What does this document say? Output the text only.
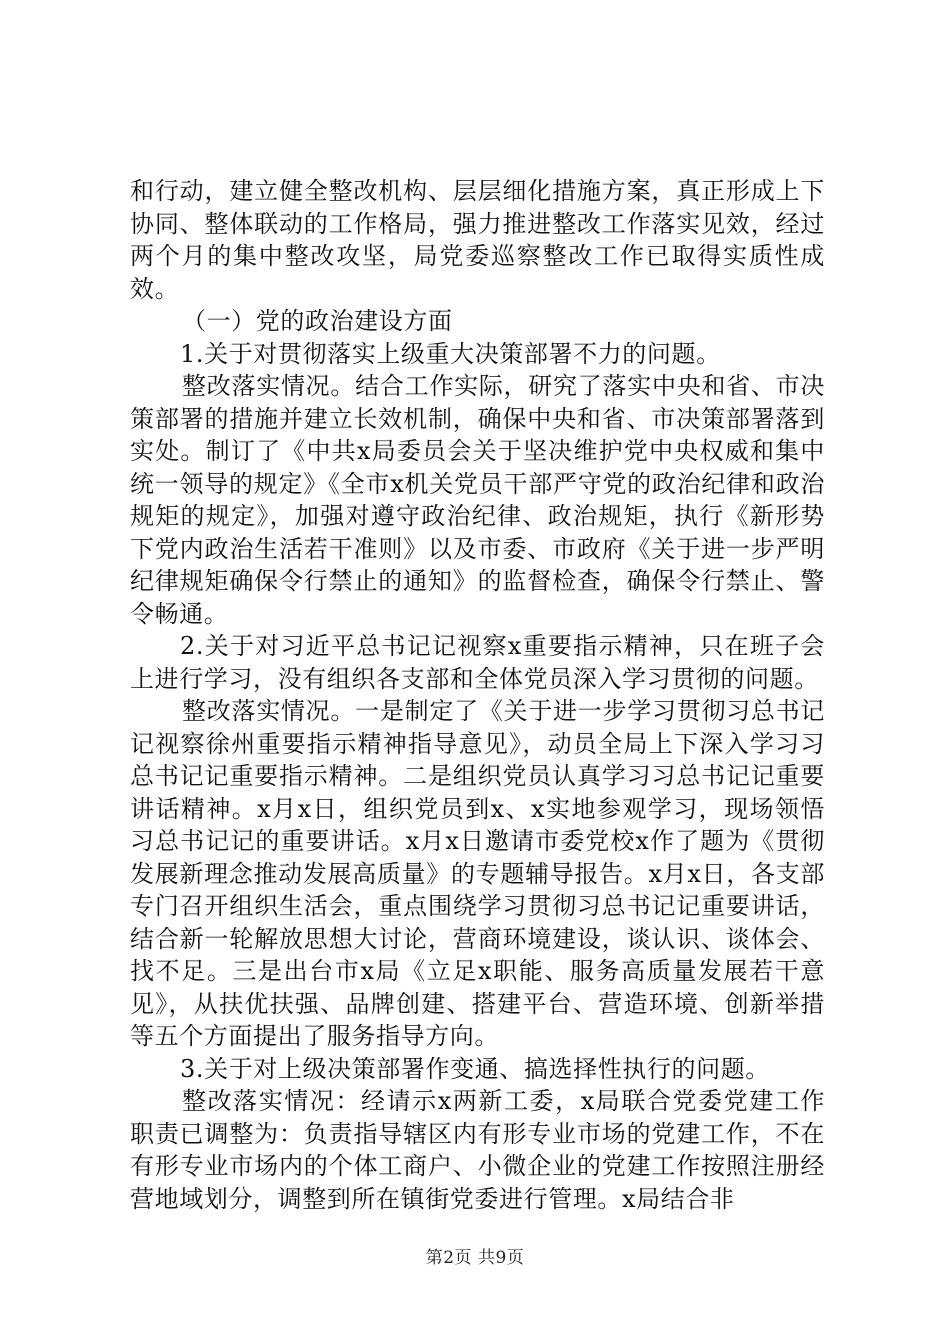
和行动，建立健全整改机构、层层细化措施方案，真正形成上下协同、整体联动的工作格局，强力推进整改工作落实见效，经过两个月的集中整改攻坚，局党委巡察整改工作已取得实质性成效。

（一）党的政治建设方面

1.关于对贯彻落实上级重大决策部署不力的问题。

整改落实情况。结合工作实际，研究了落实中央和省、市决策部署的措施并建立长效机制，确保中央和省、市决策部署落到实处。制订了《中共x局委员会关于坚决维护党中央权威和集中统一领导的规定》《全市x机关党员干部严守党的政治纪律和政治规矩的规定》，加强对遵守政治纪律、政治规矩，执行《新形势下党内政治生活若干准则》以及市委、市政府《关于进一步严明纪律规矩确保令行禁止的通知》的监督检查，确保令行禁止、警令畅通。

2.关于对习近平总书记记视察x重要指示精神，只在班子会上进行学习，没有组织各支部和全体党员深入学习贯彻的问题。

整改落实情况。一是制定了《关于进一步学习贯彻习总书记记视察徐州重要指示精神指导意见》，动员全局上下深入学习习总书记记重要指示精神。二是组织党员认真学习习总书记记重要讲话精神。x月x日，组织党员到x、x实地参观学习，现场领悟习总书记记的重要讲话。x月x日邀请市委党校x作了题为《贯彻发展新理念推动发展高质量》的专题辅导报告。x月x日，各支部专门召开组织生活会，重点围绕学习贯彻习总书记记重要讲话，结合新一轮解放思想大讨论，营商环境建设，谈认识、谈体会、找不足。三是出台市x局《立足x职能、服务高质量发展若干意见》，从扶优扶强、品牌创建、搭建平台、营造环境、创新举措等五个方面提出了服务指导方向。

3.关于对上级决策部署作变通、搞选择性执行的问题。

整改落实情况：经请示x两新工委，x局联合党委党建工作职责已调整为：负责指导辖区内有形专业市场的党建工作，不在有形专业市场内的个体工商户、小微企业的党建工作按照注册经营地域划分，调整到所在镇街党委进行管理。x局结合非

第2页 共9页
